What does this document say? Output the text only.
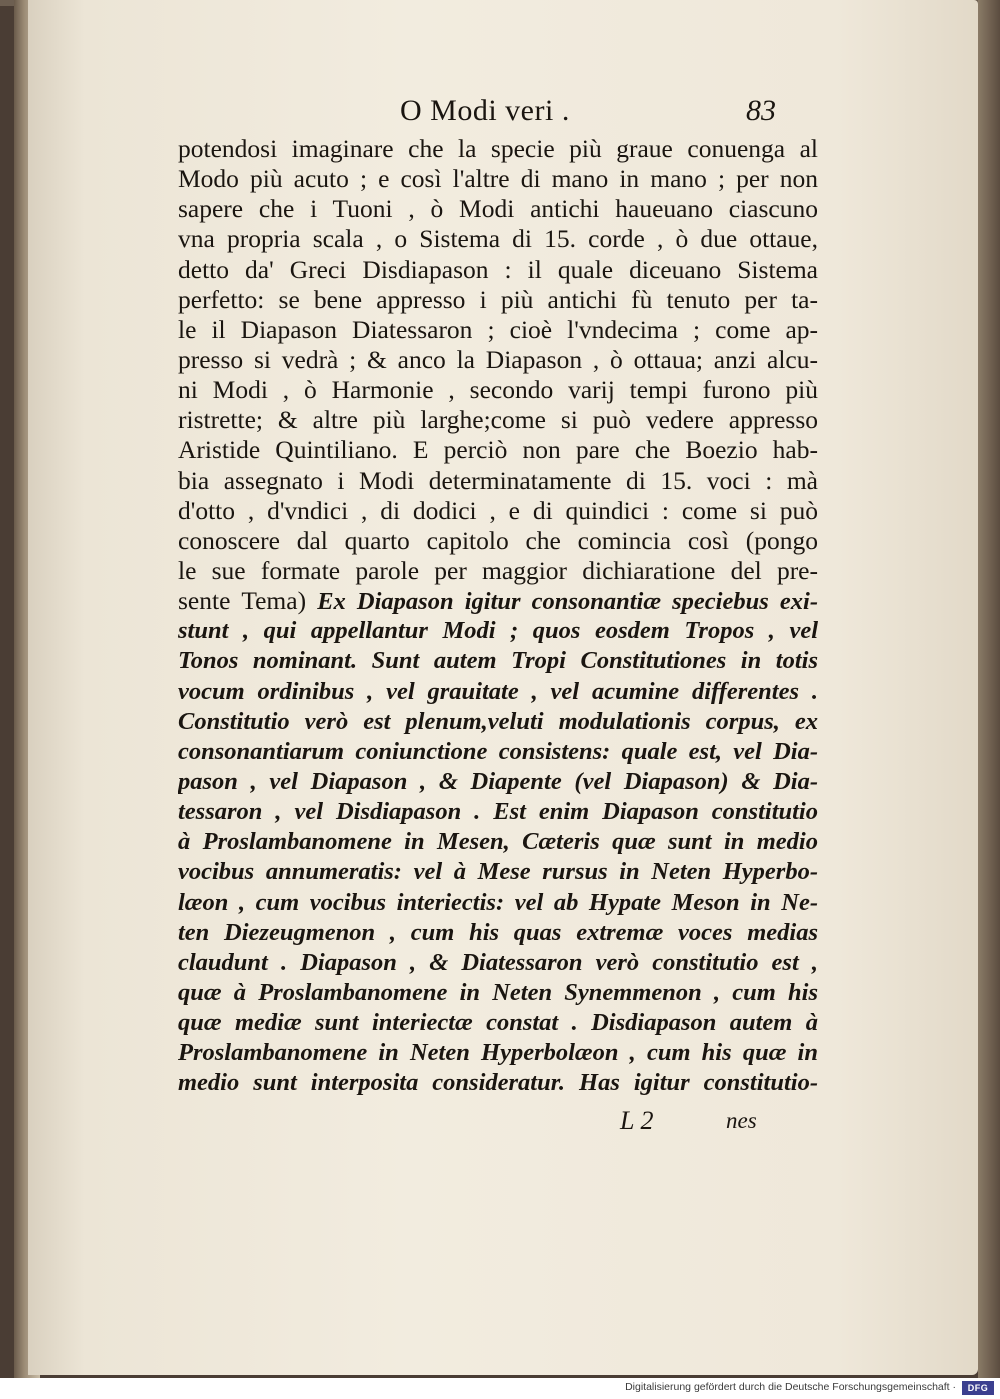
O Modi veri .	83
potendosi imaginare che la specie più graue conuenga al
Modo più acuto ; e così l'altre di mano in mano ; per non
sapere che i Tuoni , ò Modi antichi haueuano ciascuno
vna propria scala , o Sistema di 15. corde , ò due ottaue,
detto da' Greci Disdiapason : il quale diceuano Sistema
perfetto: se bene appresso i più antichi fù tenuto per ta-
le il Diapason Diatessaron ; cioè l'vndecima ; come ap-
presso si vedrà ; & anco la Diapason , ò ottaua; anzi alcu-
ni Modi , ò Harmonie , secondo varij tempi furono più
ristrette; & altre più larghe;come si può vedere appresso
Aristide Quintiliano. E perciò non pare che Boezio hab-
bia assegnato i Modi determinatamente di 15. voci : mà
d'otto , d'vndici , di dodici , e di quindici : come si può
conoscere dal quarto capitolo che comincia così (pongo
le sue formate parole per maggior dichiaratione del pre-
sente Tema) Ex Diapason igitur consonantiæ speciebus exi-
stunt , qui appellantur Modi ; quos eosdem Tropos , vel
Tonos nominant. Sunt autem Tropi Constitutiones in totis
vocum ordinibus , vel grauitate , vel acumine differentes .
Constitutio verò est plenum,veluti modulationis corpus, ex
consonantiarum coniunctione consistens: quale est, vel Dia-
pason , vel Diapason , & Diapente (vel Diapason) & Dia-
tessaron , vel Disdiapason . Est enim Diapason constitutio
à Proslambanomene in Mesen, Cæteris quæ sunt in medio
vocibus annumeratis: vel à Mese rursus in Neten Hyperbo-
læon , cum vocibus interiectis: vel ab Hypate Meson in Ne-
ten Diezeugmenon , cum his quas extremæ voces medias
claudunt . Diapason , & Diatessaron verò constitutio est ,
quæ à Proslambanomene in Neten Synemmenon , cum his
quæ mediæ sunt interiectæ constat . Disdiapason autem à
Proslambanomene in Neten Hyperbolæon , cum his quæ in
medio sunt interposita consideratur. Has igitur constitutio-
L 2	nes
Digitalisierung gefördert durch die Deutsche Forschungsgemeinschaft ·	DFG
